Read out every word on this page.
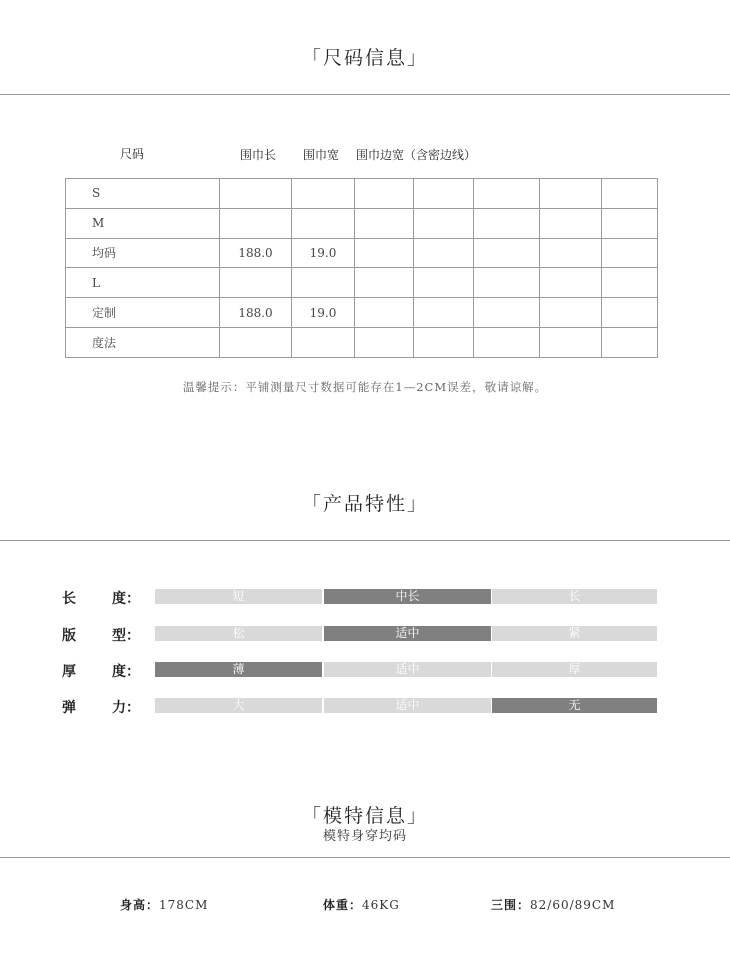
「尺码信息」
尺码	围巾长 围巾宽 围巾边宽（含密边线）
S							
M							
均码	188.0	19.0					
L							
定制	188.0	19.0					
度法							
温馨提示：平铺测量尺寸数据可能存在1—2CM误差，敬请谅解。
「产品特性」
长	度：	短	中长	长
版	型：	松	适中	紧
厚	度：	薄	适中	厚
弹	力：	大	适中	无
「模特信息」
模特身穿均码
身高：178CM	体重：46KG	三围：82/60/89CM
